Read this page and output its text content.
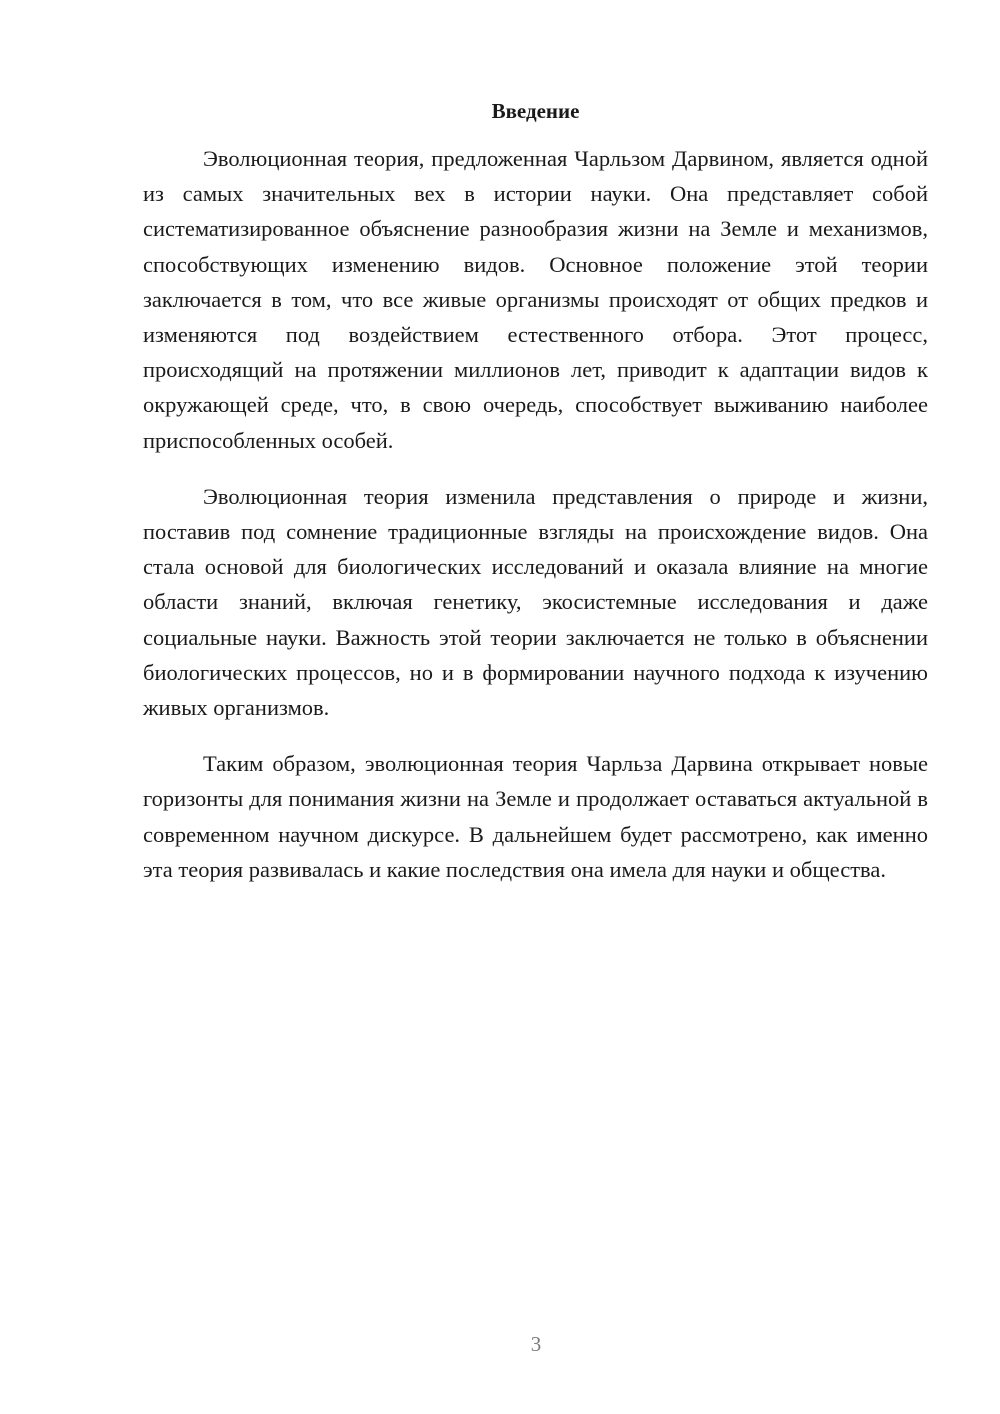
Введение

Эволюционная теория, предложенная Чарльзом Дарвином, является одной из самых значительных вех в истории науки. Она представляет собой систематизированное объяснение разнообразия жизни на Земле и механизмов, способствующих изменению видов. Основное положение этой теории заключается в том, что все живые организмы происходят от общих предков и изменяются под воздействием естественного отбора. Этот процесс, происходящий на протяжении миллионов лет, приводит к адаптации видов к окружающей среде, что, в свою очередь, способствует выживанию наиболее приспособленных особей.

Эволюционная теория изменила представления о природе и жизни, поставив под сомнение традиционные взгляды на происхождение видов. Она стала основой для биологических исследований и оказала влияние на многие области знаний, включая генетику, экосистемные исследования и даже социальные науки. Важность этой теории заключается не только в объяснении биологических процессов, но и в формировании научного подхода к изучению живых организмов.

Таким образом, эволюционная теория Чарльза Дарвина открывает новые горизонты для понимания жизни на Земле и продолжает оставаться актуальной в современном научном дискурсе. В дальнейшем будет рассмотрено, как именно эта теория развивалась и какие последствия она имела для науки и общества.

3
